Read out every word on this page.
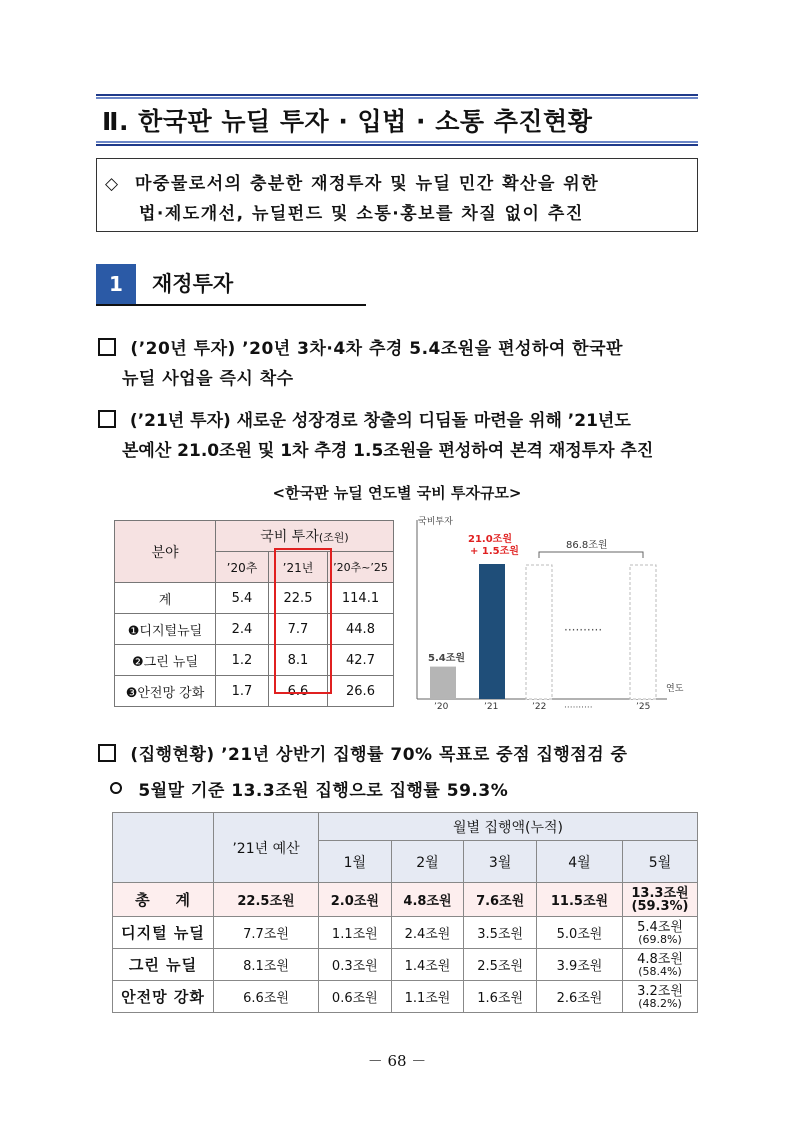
Ⅱ. 한국판 뉴딜 투자 · 입법 · 소통 추진현황
◇ 마중물로서의 충분한 재정투자 및 뉴딜 민간 확산을 위한
법·제도개선, 뉴딜펀드 및 소통·홍보를 차질 없이 추진
1	재정투자
(’20년 투자) ’20년 3차·4차 추경 5.4조원을 편성하여 한국판
뉴딜 사업을 즉시 착수
(’21년 투자) 새로운 성장경로 창출의 디딤돌 마련을 위해 ’21년도
본예산 21.0조원 및 1차 추경 1.5조원을 편성하여 본격 재정투자 추진
<한국판 뉴딜 연도별 국비 투자규모>
분야	국비 투자(조원)		
	’20추	’21년	’20추~’25
계	5.4	22.5	114.1
❶디지털뉴딜	2.4	7.7	44.8
❷그린 뉴딜	1.2	8.1	42.7
❸안전망 강화	1.7	6.6	26.6
국비투자
연도
5.4조원
21.0조원
+ 1.5조원
86.8조원
··········
··········
’20	’21	’22	’25
(집행현황) ’21년 상반기 집행률 70% 목표로 중점 집행점검 중
5월말 기준 13.3조원 집행으로 집행률 59.3%
	’21년 예산	월별 집행액(누적)				
		1월	2월	3월	4월	5월
총    계	22.5조원	2.0조원	4.8조원	7.6조원	11.5조원	13.3조원
(59.3%)

디지털 뉴딜	7.7조원	1.1조원	2.4조원	3.5조원	5.0조원	5.4조원
(69.8%)

그린 뉴딜	8.1조원	0.3조원	1.4조원	2.5조원	3.9조원	4.8조원
(58.4%)

안전망 강화	6.6조원	0.6조원	1.1조원	1.6조원	2.6조원	3.2조원
(48.2%)
－ 68 －
